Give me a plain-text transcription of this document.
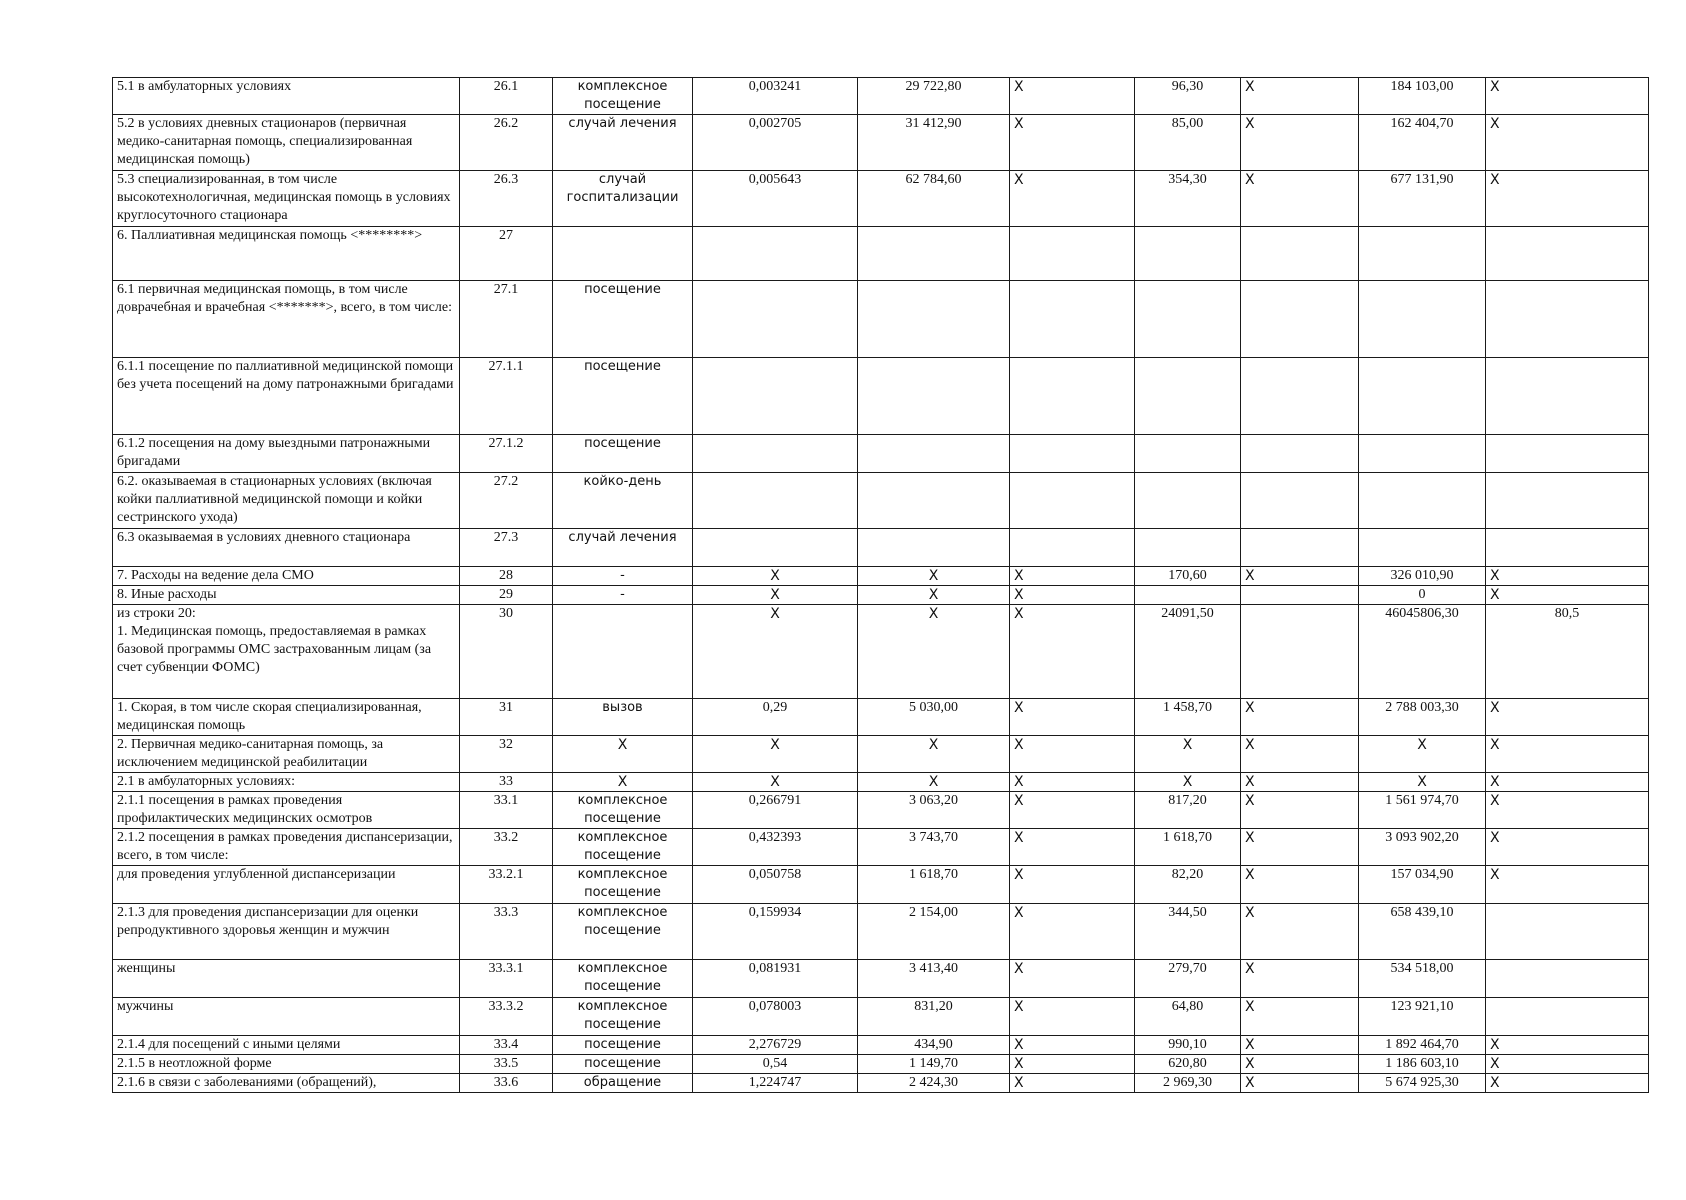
5.1 в амбулаторных условиях	26.1	комплексное посещение	0,003241	29 722,80	X	96,30	X	184 103,00	X
5.2 в условиях дневных стационаров (первичная медико-санитарная помощь, специализированная медицинская помощь)	26.2	случай лечения	0,002705	31 412,90	X	85,00	X	162 404,70	X
5.3 специализированная, в том числе высокотехнологичная, медицинская помощь в условиях круглосуточного стационара	26.3	случай госпитализации	0,005643	62 784,60	X	354,30	X	677 131,90	X
6. Паллиативная медицинская помощь <********>	27								
6.1 первичная медицинская помощь, в том числе доврачебная и врачебная <*******>, всего, в том числе:	27.1	посещение							
6.1.1 посещение по паллиативной медицинской помощи без учета посещений на дому патронажными бригадами	27.1.1	посещение							
6.1.2 посещения на дому выездными патронажными бригадами	27.1.2	посещение							
6.2. оказываемая в стационарных условиях (включая койки паллиативной медицинской помощи и койки сестринского ухода)	27.2	койко-день							
6.3 оказываемая в условиях дневного стационара	27.3	случай лечения							
7. Расходы на ведение дела СМО	28	-	X	X	X	170,60	X	326 010,90	X
8. Иные расходы	29	-	X	X	X			0	X

из строки 20:
1. Медицинская помощь, предоставляемая в рамках базовой программы ОМС застрахованным лицам (за счет субвенции ФОМС)	30		X	X	X	24091,50		46045806,30	80,5
1. Скорая, в том числе скорая специализированная, медицинская помощь	31	вызов	0,29	5 030,00	X	1 458,70	X	2 788 003,30	X
2. Первичная медико-санитарная помощь, за исключением медицинской реабилитации	32	X	X	X	X	X	X	X	X
2.1 в амбулаторных условиях:	33	X	X	X	X	X	X	X	X
2.1.1 посещения в рамках проведения профилактических медицинских осмотров	33.1	комплексное посещение	0,266791	3 063,20	X	817,20	X	1 561 974,70	X
2.1.2 посещения в рамках проведения диспансеризации, всего, в том числе:	33.2	комплексное посещение	0,432393	3 743,70	X	1 618,70	X	3 093 902,20	X
для проведения углубленной диспансеризации	33.2.1	комплексное посещение	0,050758	1 618,70	X	82,20	X	157 034,90	X
2.1.3 для проведения диспансеризации для оценки репродуктивного здоровья женщин и мужчин	33.3	комплексное посещение	0,159934	2 154,00	X	344,50	X	658 439,10	
женщины	33.3.1	комплексное посещение	0,081931	3 413,40	X	279,70	X	534 518,00	
мужчины	33.3.2	комплексное посещение	0,078003	831,20	X	64,80	X	123 921,10	
2.1.4 для посещений с иными целями	33.4	посещение	2,276729	434,90	X	990,10	X	1 892 464,70	X
2.1.5 в неотложной форме	33.5	посещение	0,54	1 149,70	X	620,80	X	1 186 603,10	X
2.1.6 в связи с заболеваниями (обращений),	33.6	обращение	1,224747	2 424,30	X	2 969,30	X	5 674 925,30	X
